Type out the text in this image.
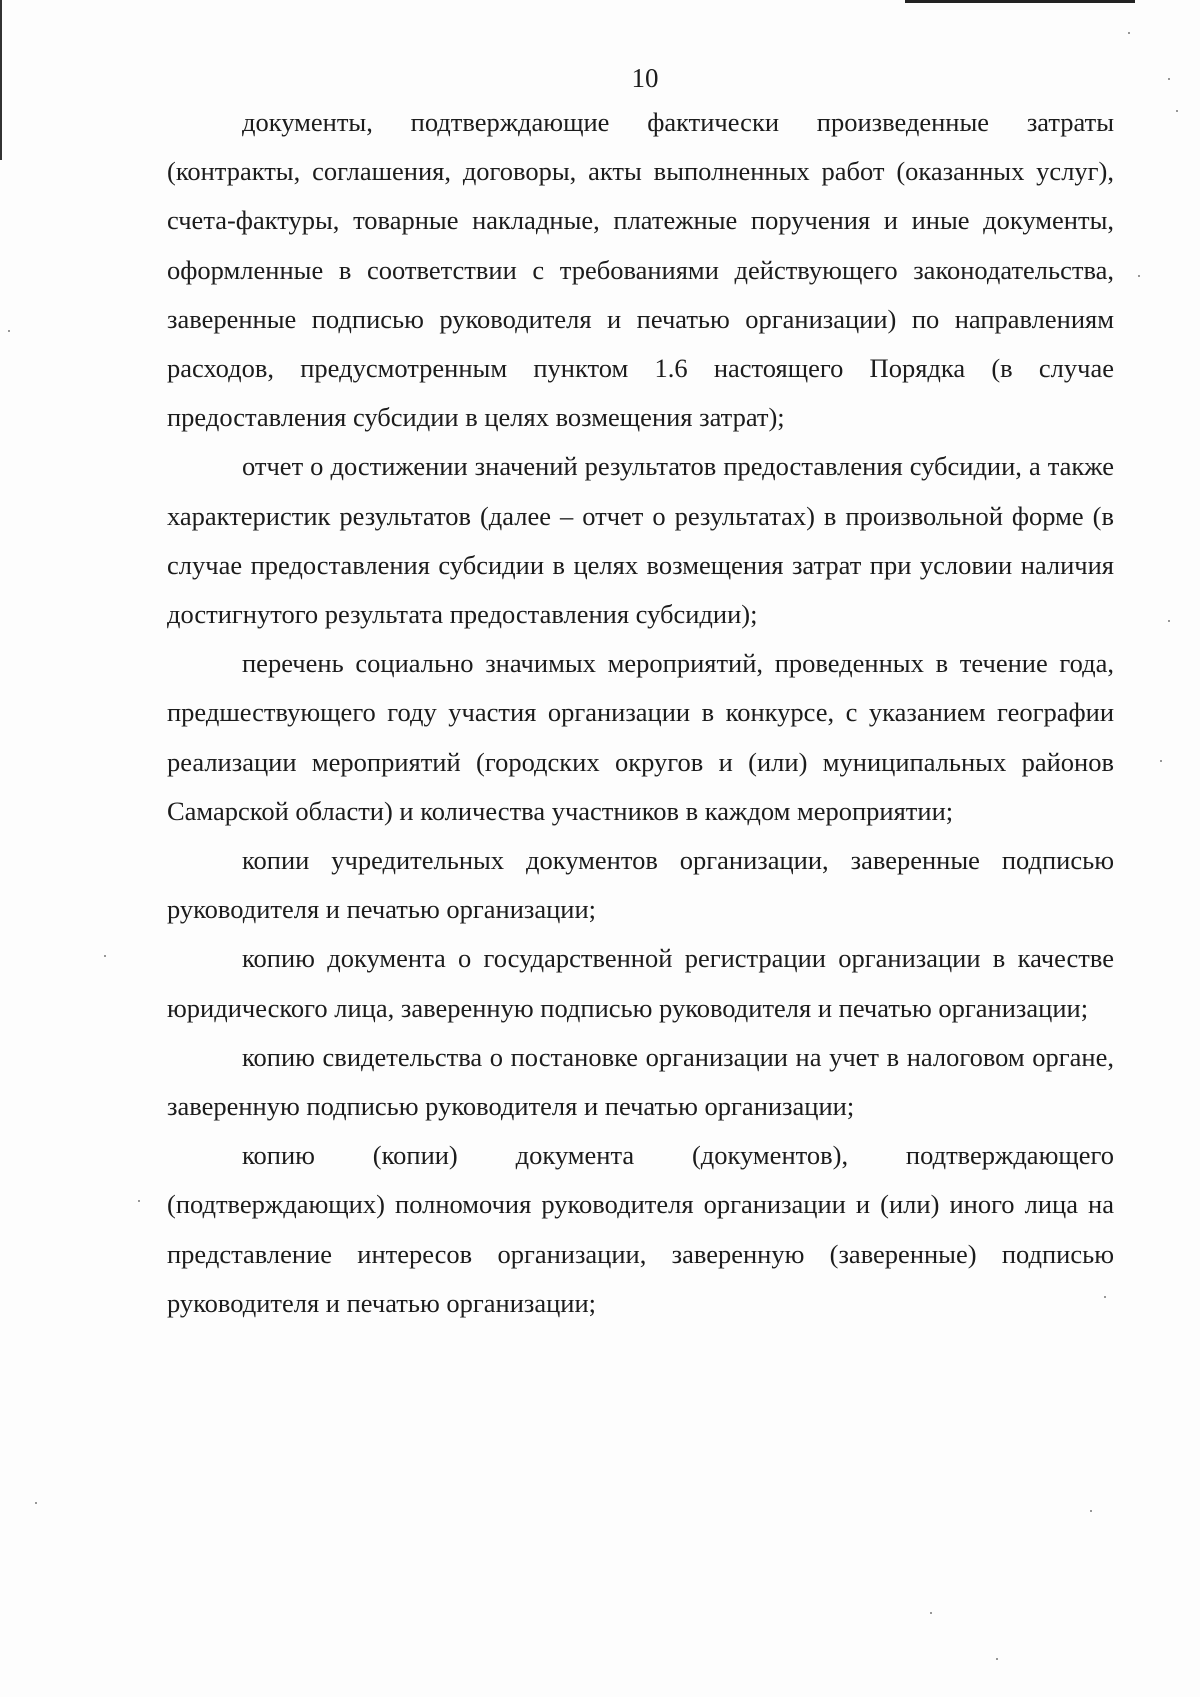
10

документы, подтверждающие фактически произведенные затраты (контракты, соглашения, договоры, акты выполненных работ (оказанных услуг), счета-фактуры, товарные накладные, платежные поручения и иные документы, оформленные в соответствии с требованиями действующего законодательства, заверенные подписью руководителя и печатью организации) по направлениям расходов, предусмотренным пунктом 1.6 настоящего Порядка (в случае предоставления субсидии в целях возмещения затрат);

отчет о достижении значений результатов предоставления субсидии, а также характеристик результатов (далее – отчет о результатах) в произвольной форме (в случае предоставления субсидии в целях возмещения затрат при условии наличия достигнутого результата предоставления субсидии);

перечень социально значимых мероприятий, проведенных в течение года, предшествующего году участия организации в конкурсе, с указанием географии реализации мероприятий (городских округов и (или) муниципальных районов Самарской области) и количества участников в каждом мероприятии;

копии учредительных документов организации, заверенные подписью руководителя и печатью организации;

копию документа о государственной регистрации организации в качестве юридического лица, заверенную подписью руководителя и печатью организации;

копию свидетельства о постановке организации на учет в налоговом органе, заверенную подписью руководителя и печатью организации;

копию (копии) документа (документов), подтверждающего (подтверждающих) полномочия руководителя организации и (или) иного лица на представление интересов организации, заверенную (заверенные) подписью руководителя и печатью организации;
